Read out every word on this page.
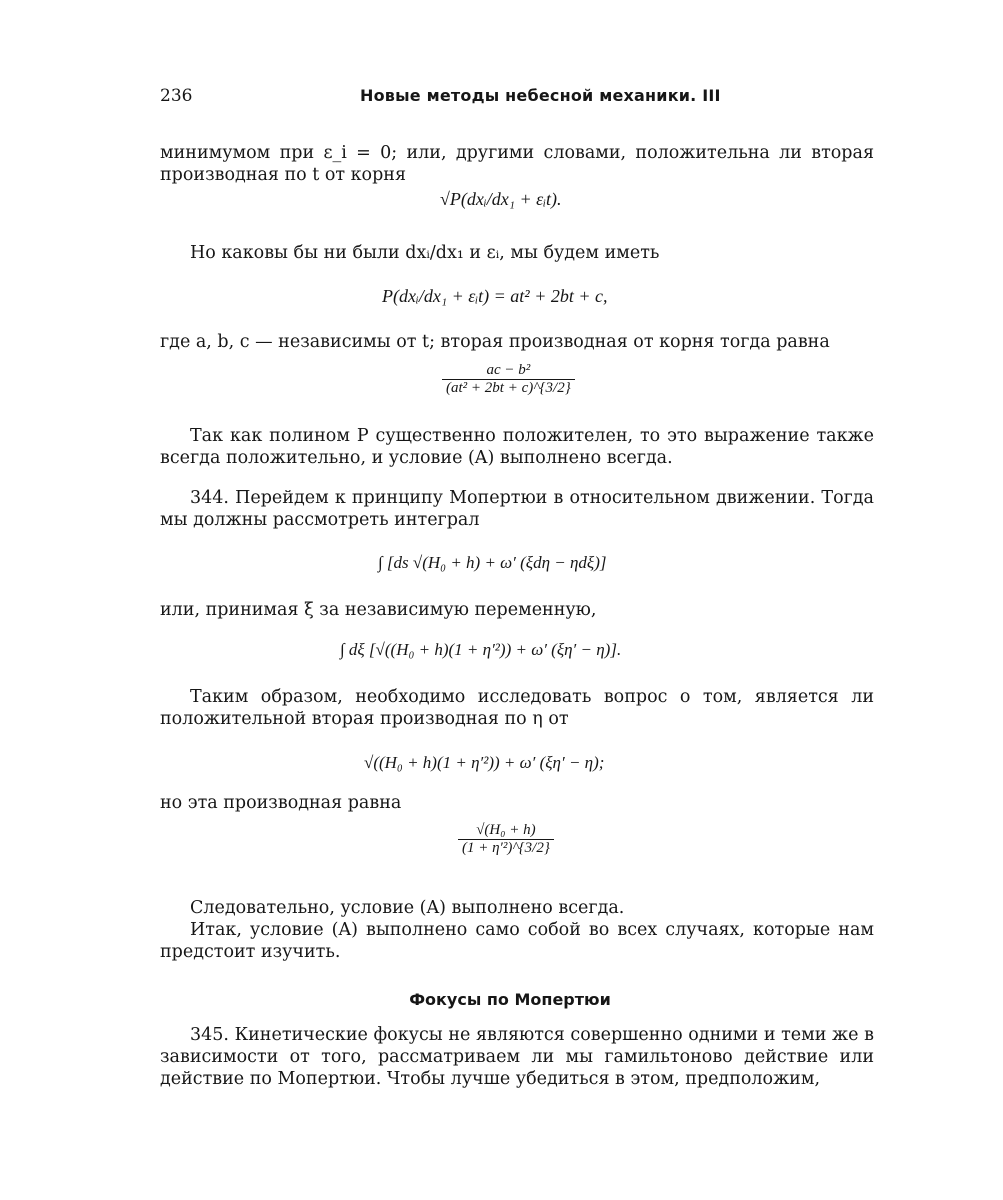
236	Новые методы небесной механики. III
минимумом при ε_i = 0; или, другими словами, положительна ли вторая производная по t от корня
√P(dxᵢ/dx₁ + εᵢt).
Но каковы бы ни были dxᵢ/dx₁ и εᵢ, мы будем иметь
P(dxᵢ/dx₁ + εᵢt) = at² + 2bt + c,
где a, b, c — независимы от t; вторая производная от корня тогда равна
$\frac{\text{ac − b²}}{\text{(at² + 2bt + c)\textasciicircum{}\{3/2\}}}$
Так как полином P существенно положителен, то это выражение также всегда положительно, и условие (A) выполнено всегда.
344. Перейдем к принципу Мопертюи в относительном движении. Тогда мы должны рассмотреть интеграл
∫ [ds √(H₀ + h) + ω′ (ξdη − ηdξ)]
или, принимая ξ за независимую переменную,
∫ dξ [√((H₀ + h)(1 + η′²)) + ω′ (ξη′ − η)].
Таким образом, необходимо исследовать вопрос о том, является ли положительной вторая производная по η от
√((H₀ + h)(1 + η′²)) + ω′ (ξη′ − η);
но эта производная равна
$\frac{\text{√(H₀ + h)}}{\text{(1 + η′²)\textasciicircum{}\{3/2\}}}$
Следовательно, условие (A) выполнено всегда.
Итак, условие (A) выполнено само собой во всех случаях, которые нам предстоит изучить.
Фокусы по Мопертюи
345. Кинетические фокусы не являются совершенно одними и теми же в зависимости от того, рассматриваем ли мы гамильтоново действие или действие по Мопертюи. Чтобы лучше убедиться в этом, предположим,
